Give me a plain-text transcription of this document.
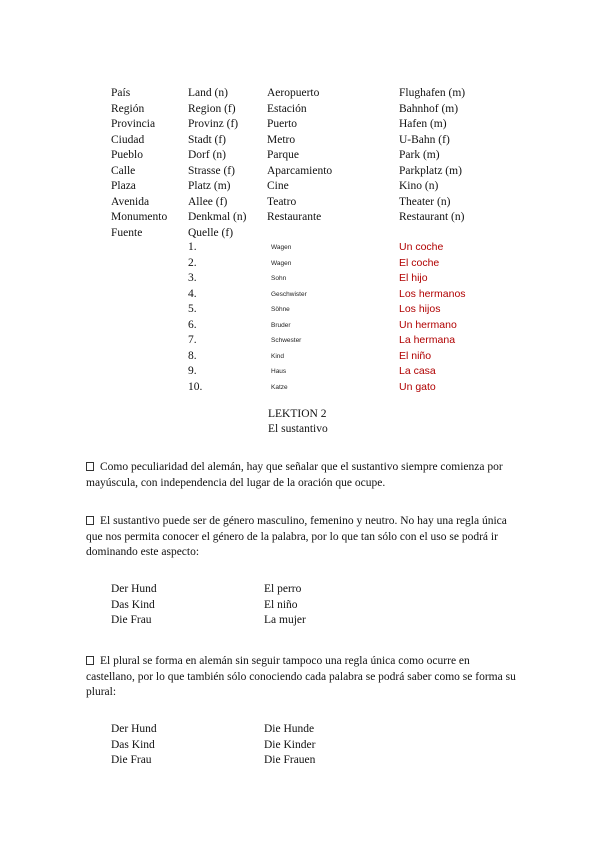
País
Región
Provincia
Ciudad
Pueblo
Calle
Plaza
Avenida
Monumento
Fuente
Land (n)
Region (f)
Provinz (f)
Stadt (f)
Dorf (n)
Strasse (f)
Platz (m)
Allee (f)
Denkmal (n)
Quelle (f)
Aeropuerto
Estación
Puerto
Metro
Parque
Aparcamiento
Cine
Teatro
Restaurante
Flughafen (m)
Bahnhof (m)
Hafen (m)
U-Bahn (f)
Park (m)
Parkplatz (m)
Kino (n)
Theater (n)
Restaurant (n)
1.
2.
3.
4.
5.
6.
7.
8.
9.
10.
Wagen
Wagen
Sohn
Geschwister
Söhne
Bruder
Schwester
Kind
Haus
Katze
Un coche
El coche
El hijo
Los hermanos
Los hijos
Un hermano
La hermana
El niño
La casa
Un gato
LEKTION 2
El sustantivo
Como peculiaridad del alemán, hay que señalar que el sustantivo siempre comienza por mayúscula, con independencia del lugar de la oración que ocupe.
El sustantivo puede ser de género masculino, femenino y neutro. No hay una regla única que nos permita conocer el género de la palabra, por lo que tan sólo con el uso se podrá ir dominando este aspecto:
Der Hund
Das Kind
Die Frau
El perro
El niño
La mujer
El plural se forma en alemán sin seguir tampoco una regla única como ocurre en castellano, por lo que también sólo conociendo cada palabra se podrá saber como se forma su plural:
Der Hund
Das Kind
Die Frau
Die Hunde
Die Kinder
Die Frauen
